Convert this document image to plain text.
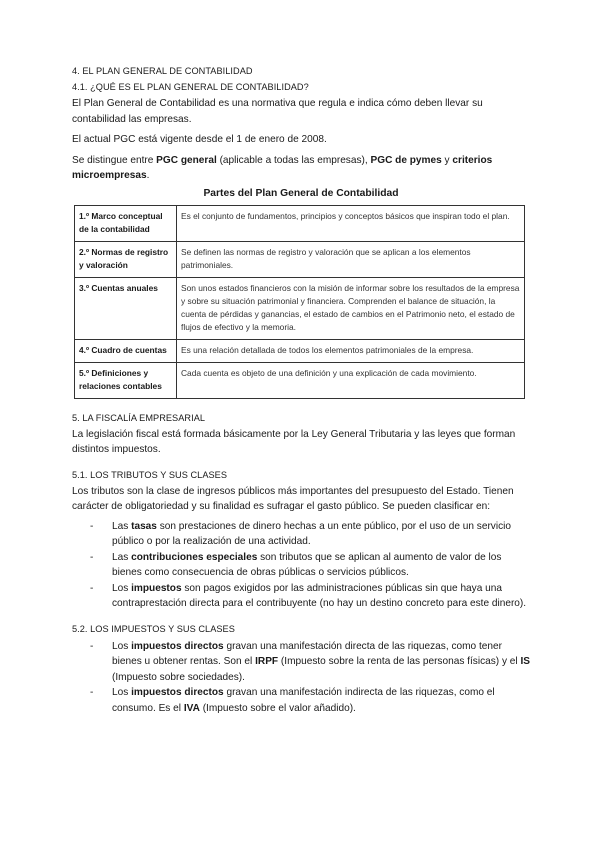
4. EL PLAN GENERAL DE CONTABILIDAD
4.1. ¿QUÉ ES EL PLAN GENERAL DE CONTABILIDAD?

El Plan General de Contabilidad es una normativa que regula e indica cómo deben llevar su contabilidad las empresas.

El actual PGC está vigente desde el 1 de enero de 2008.

Se distingue entre PGC general (aplicable a todas las empresas), PGC de pymes y criterios microempresas.

Partes del Plan General de Contabilidad
1.º Marco conceptual de la contabilidad	Es el conjunto de fundamentos, principios y conceptos básicos que inspiran todo el plan.
2.º Normas de registro y valoración	Se definen las normas de registro y valoración que se aplican a los elementos patrimoniales.
3.º Cuentas anuales	Son unos estados financieros con la misión de informar sobre los resultados de la empresa y sobre su situación patrimonial y financiera. Comprenden el balance de situación, la cuenta de pérdidas y ganancias, el estado de cambios en el Patrimonio neto, el estado de flujos de efectivo y la memoria.
4.º Cuadro de cuentas	Es una relación detallada de todos los elementos patrimoniales de la empresa.
5.º Definiciones y relaciones contables	Cada cuenta es objeto de una definición y una explicación de cada movimiento.
5. LA FISCALÍA EMPRESARIAL

La legislación fiscal está formada básicamente por la Ley General Tributaria y las leyes que forman distintos impuestos.

5.1. LOS TRIBUTOS Y SUS CLASES

Los tributos son la clase de ingresos públicos más importantes del presupuesto del Estado. Tienen carácter de obligatoriedad y su finalidad es sufragar el gasto público. Se pueden clasificar en:

- Las tasas son prestaciones de dinero hechas a un ente público, por el uso de un servicio público o por la realización de una actividad.
- Las contribuciones especiales son tributos que se aplican al aumento de valor de los bienes como consecuencia de obras públicas o servicios públicos.
- Los impuestos son pagos exigidos por las administraciones públicas sin que haya una contraprestación directa para el contribuyente (no hay un destino concreto para este dinero).
5.2. LOS IMPUESTOS Y SUS CLASES
- Los impuestos directos gravan una manifestación directa de las riquezas, como tener bienes u obtener rentas. Son el IRPF (Impuesto sobre la renta de las personas físicas) y el IS (Impuesto sobre sociedades).
- Los impuestos directos gravan una manifestación indirecta de las riquezas, como el consumo. Es el IVA (Impuesto sobre el valor añadido).
